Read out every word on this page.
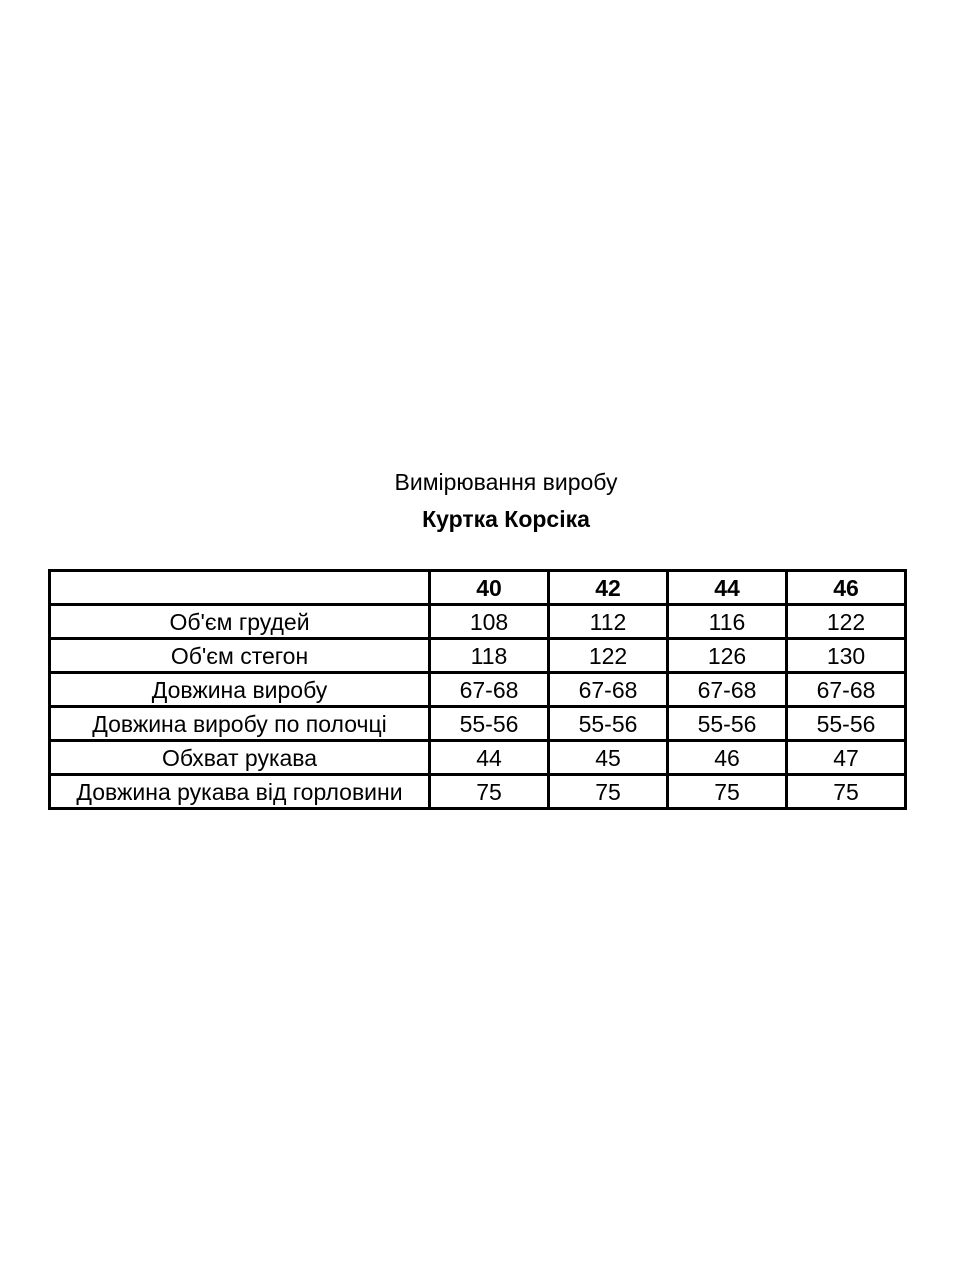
Вимірювання виробу
Куртка Корсіка
	40	42	44	46
Об'єм грудей	108	112	116	122
Об'єм стегон	118	122	126	130
Довжина виробу	67-68	67-68	67-68	67-68
Довжина виробу по полочці	55-56	55-56	55-56	55-56
Обхват рукава	44	45	46	47
Довжина рукава від горловини	75	75	75	75
